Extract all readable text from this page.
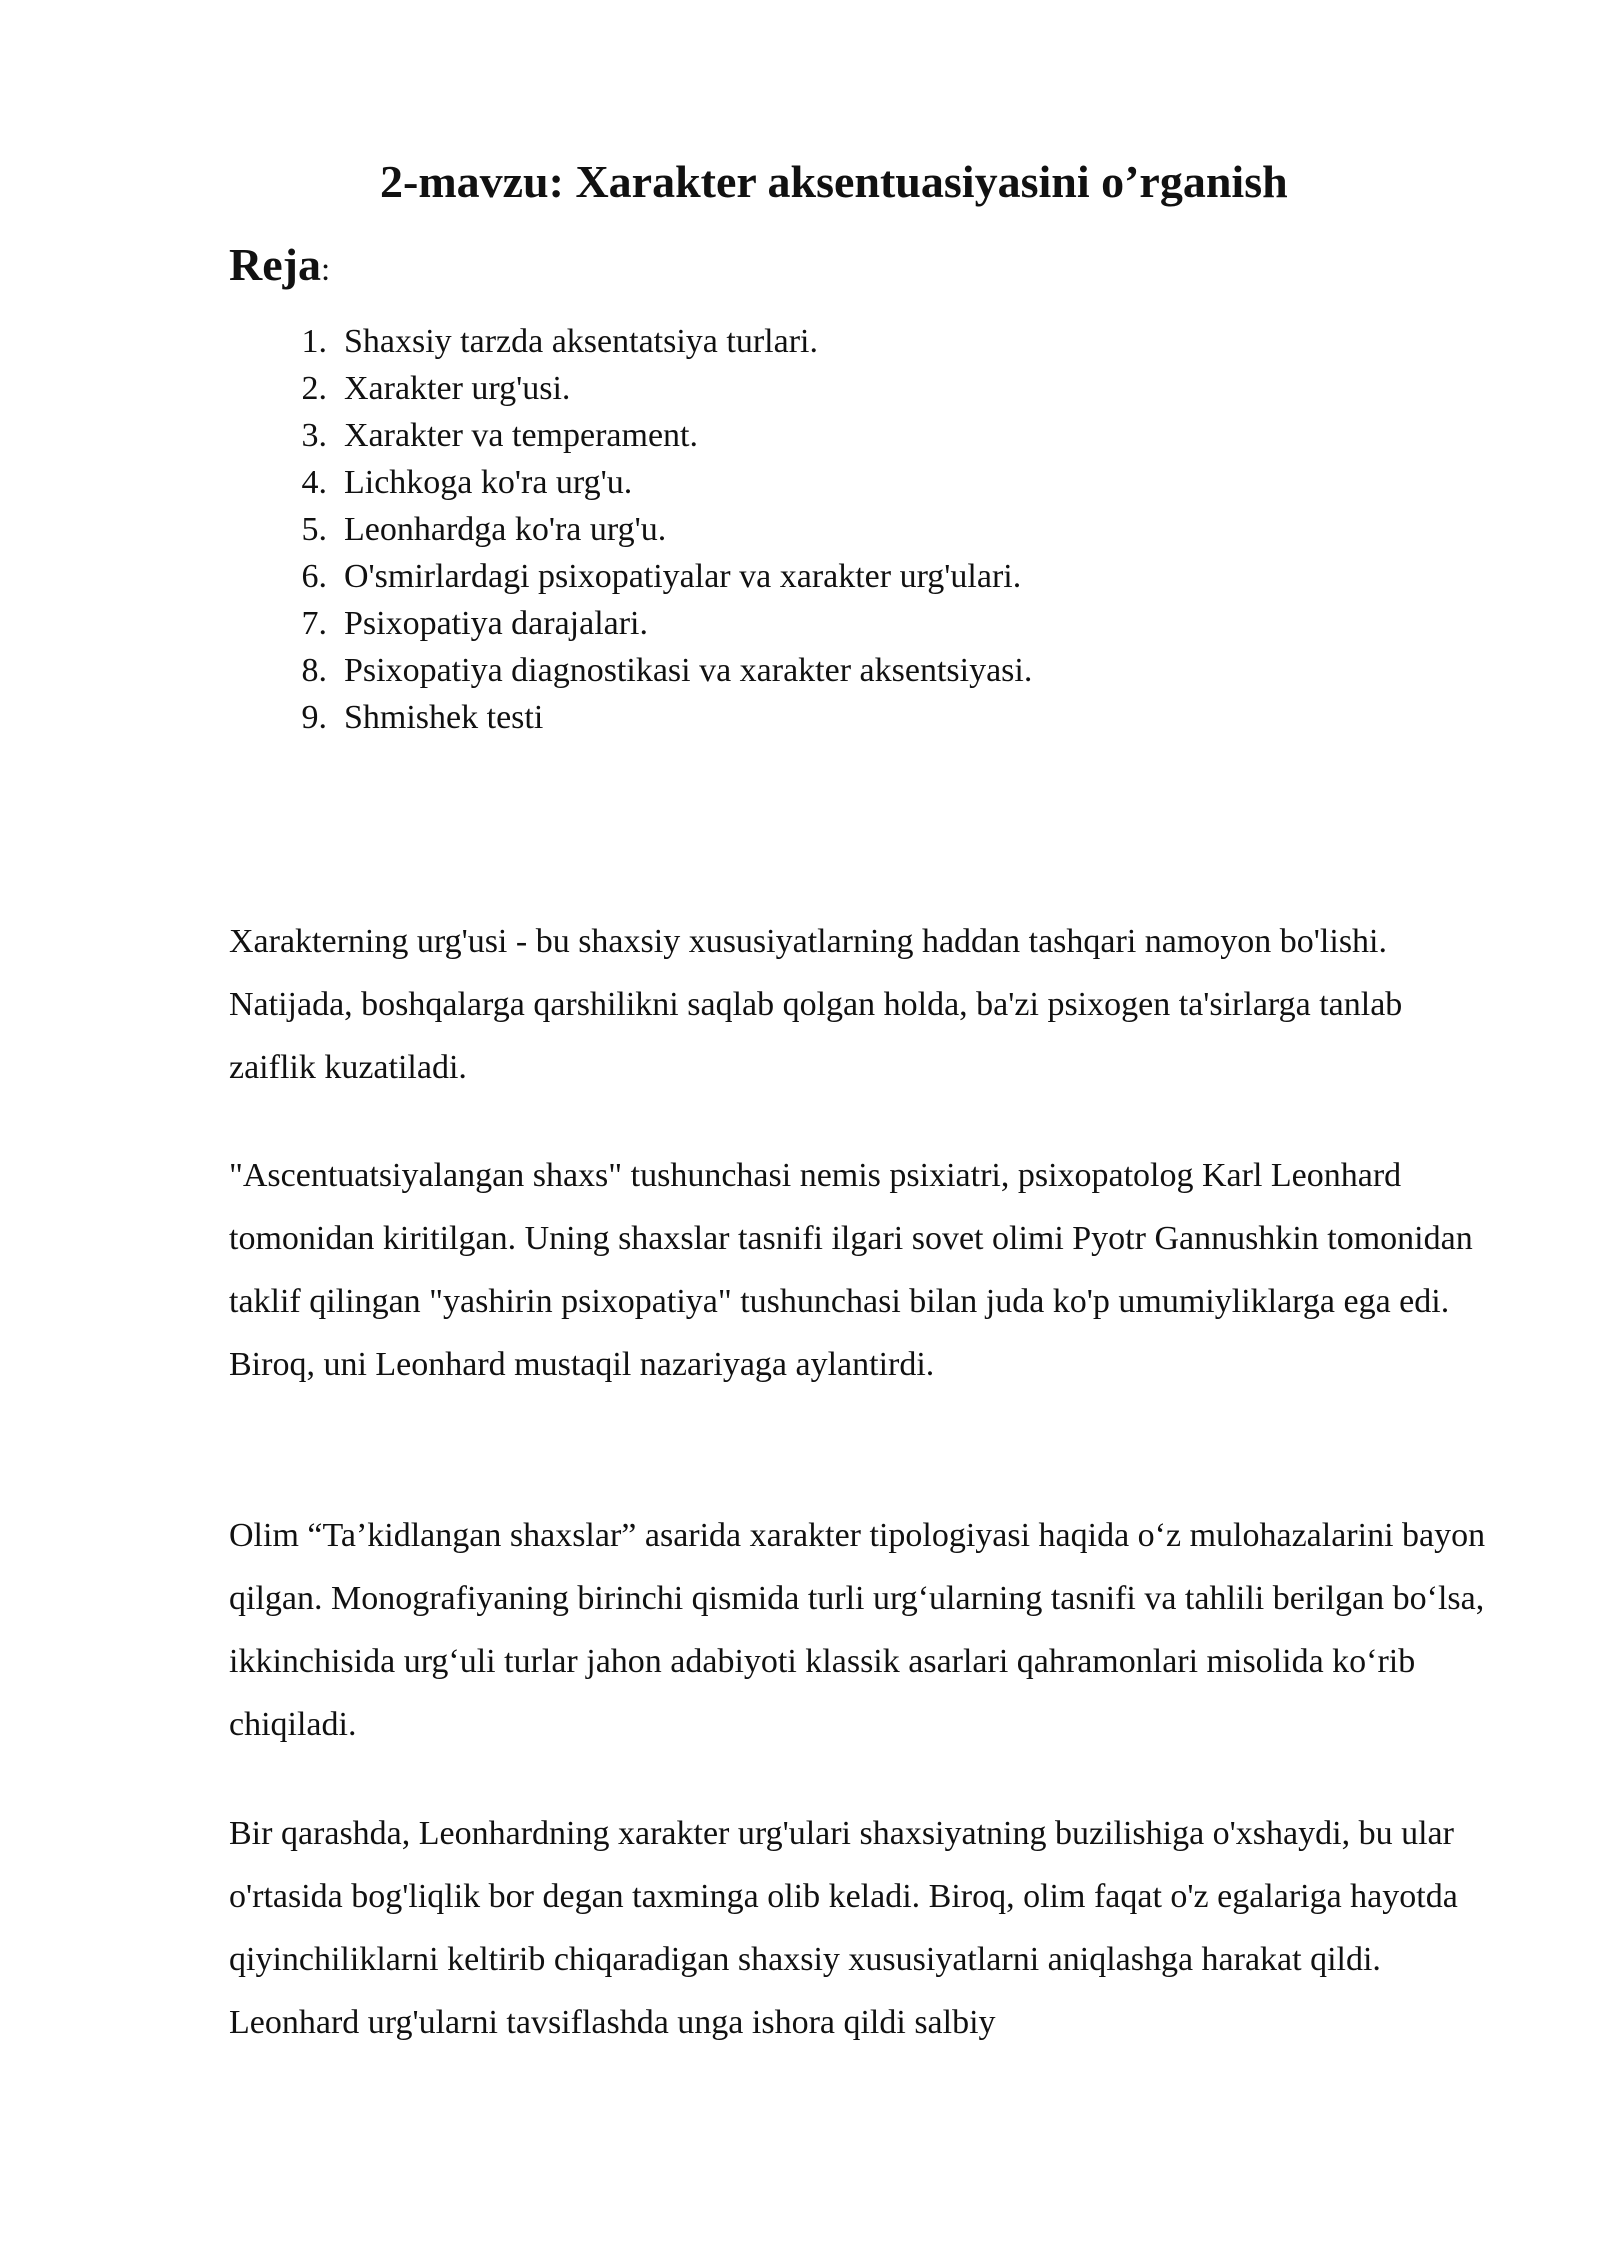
2-mavzu: Xarakter aksentuasiyasini o’rganish
Reja:
1. Shaxsiy tarzda aksentatsiya turlari.
2. Xarakter urg'usi.
3. Xarakter va temperament.
4. Lichkoga ko'ra urg'u.
5. Leonhardga ko'ra urg'u.
6. O'smirlardagi psixopatiyalar va xarakter urg'ulari.
7. Psixopatiya darajalari.
8. Psixopatiya diagnostikasi va xarakter aksentsiyasi.
9. Shmishek testi

Xarakterning urg'usi - bu shaxsiy xususiyatlarning haddan tashqari namoyon bo'lishi. Natijada, boshqalarga qarshilikni saqlab qolgan holda, ba'zi psixogen ta'sirlarga tanlab zaiflik kuzatiladi.

"Ascentuatsiyalangan shaxs" tushunchasi nemis psixiatri, psixopatolog Karl Leonhard tomonidan kiritilgan. Uning shaxslar tasnifi ilgari sovet olimi Pyotr Gannushkin tomonidan taklif qilingan "yashirin psixopatiya" tushunchasi bilan juda ko'p umumiyliklarga ega edi. Biroq, uni Leonhard mustaqil nazariyaga aylantirdi.

Olim “Ta’kidlangan shaxslar” asarida xarakter tipologiyasi haqida o‘z mulohazalarini bayon qilgan. Monografiyaning birinchi qismida turli urg‘ularning tasnifi va tahlili berilgan bo‘lsa, ikkinchisida urg‘uli turlar jahon adabiyoti klassik asarlari qahramonlari misolida ko‘rib chiqiladi.

Bir qarashda, Leonhardning xarakter urg'ulari shaxsiyatning buzilishiga o'xshaydi, bu ular o'rtasida bog'liqlik bor degan taxminga olib keladi. Biroq, olim faqat o'z egalariga hayotda qiyinchiliklarni keltirib chiqaradigan shaxsiy xususiyatlarni aniqlashga harakat qildi. Leonhard urg'ularni tavsiflashda unga ishora qildi salbiy
